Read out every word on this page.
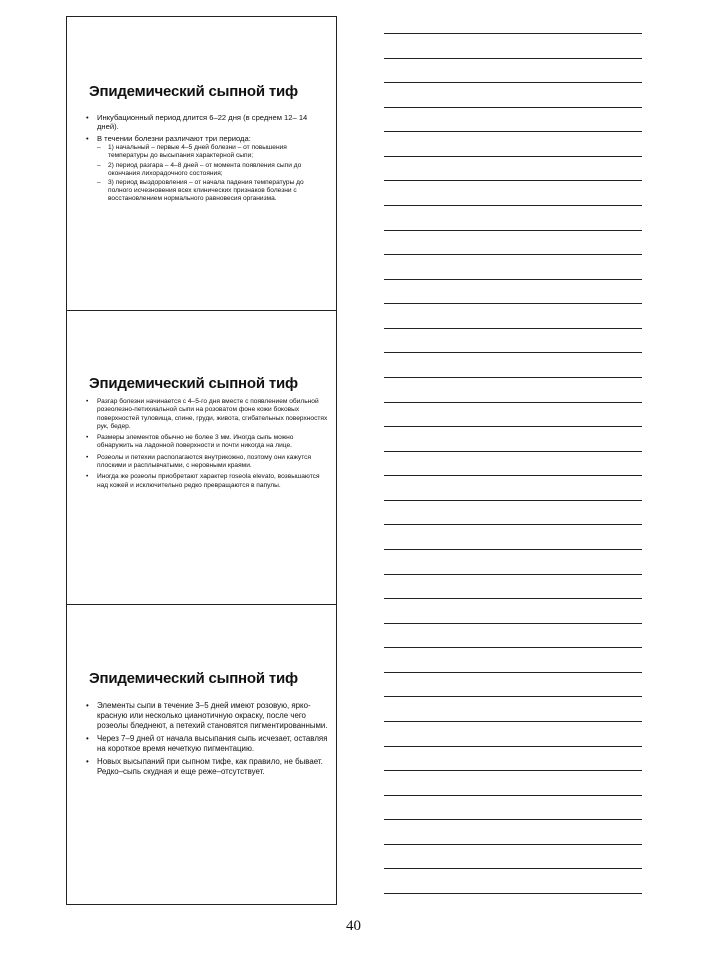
Эпидемический сыпной тиф
• Инкубационный период длится 6–22 дня (в среднем 12– 14 дней).
• В течении болезни различают три периода:
– 1) начальный – первые 4–5 дней болезни – от повышения температуры до высыпания характерной сыпи;
– 2) период разгара – 4–8 дней – от момента появления сыпи до окончания лихорадочного состояния;
– 3) период выздоровления – от начала падения температуры до полного исчезновения всех клинических признаков болезни с восстановлением нормального равновесия организма.
Эпидемический сыпной тиф
• Разгар болезни начинается с 4–5-го дня вместе с появлением обильной розеолезно-петихиальной сыпи на розоватом фоне кожи боковых поверхностей туловища, спине, груди, живота, сгибательных поверхностях рук, бедер.
• Размеры элементов обычно не более 3 мм. Иногда сыпь можно обнаружить на ладонной поверхности и почти никогда на лице.
• Розеолы и петехии располагаются внутрикожно, поэтому они кажутся плоскими и расплывчатыми, с неровными краями.
• Иногда же розеолы приобретают характер roseola elevato, возвышаются над кожей и исключительно редко превращаются в папулы.
Эпидемический сыпной тиф
• Элементы сыпи в течение 3–5 дней имеют розовую, ярко-красную или несколько цианотичную окраску, после чего розеолы бледнеют, а петехий становятся пигментированными.
• Через 7–9 дней от начала высыпания сыпь исчезает, оставляя на короткое время нечеткую пигментацию.
• Новых высыпаний при сыпном тифе, как правило, не бывает. Редко–сыпь скудная и еще реже–отсутствует.
40
